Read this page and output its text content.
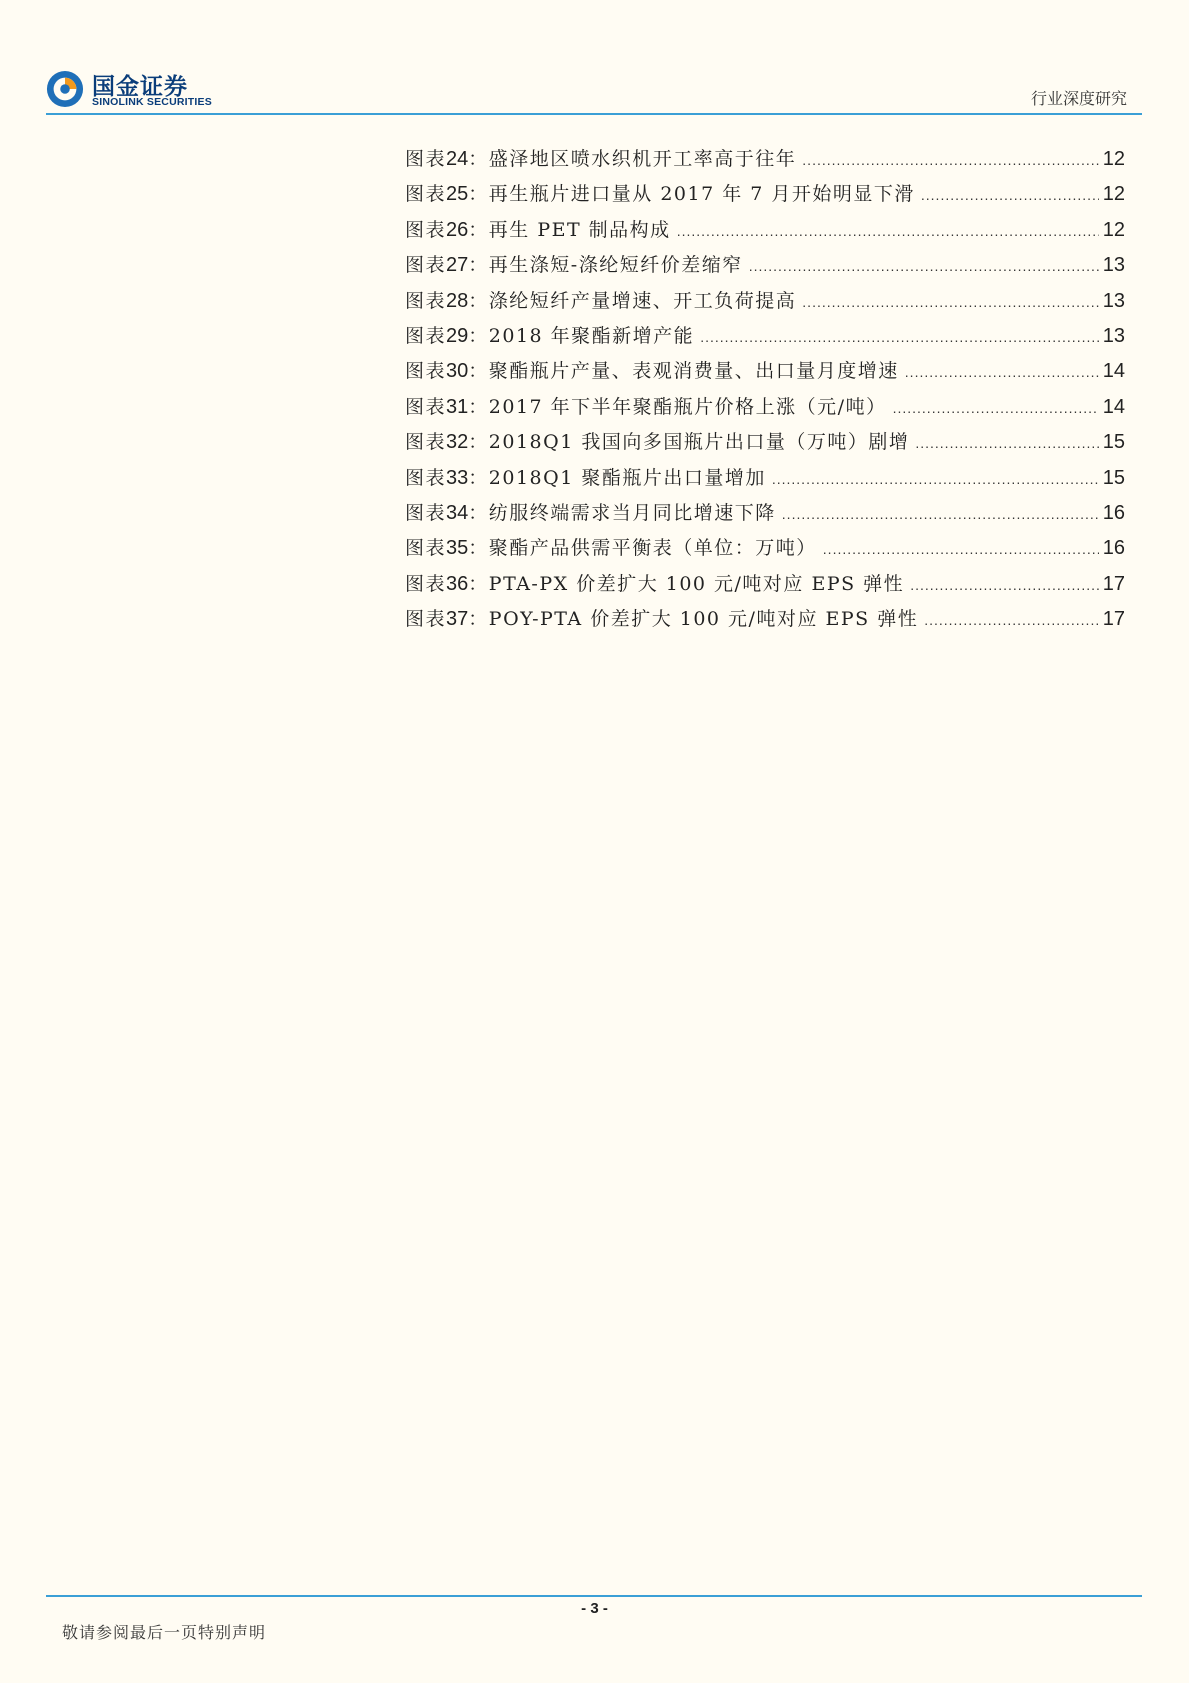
国金证券
SINOLINK SECURITIES	行业深度研究
图表 24 ： 盛泽地区喷水织机开工率高于往年 .....	12
图表 25 ： 再生瓶片进口量从 2017 年 7 月开始明显下滑 .....	12
图表 26 ： 再生 PET 制品构成 .....	12
图表 27 ： 再生涤短-涤纶短纤价差缩窄 .....	13
图表 28 ： 涤纶短纤产量增速、开工负荷提高 .....	13
图表 29 ： 2018 年聚酯新增产能 .....	13
图表 30 ： 聚酯瓶片产量、表观消费量、出口量月度增速 .....	14
图表 31 ： 2017 年下半年聚酯瓶片价格上涨（元/吨） .....	14
图表 32 ： 2018Q1 我国向多国瓶片出口量（万吨）剧增 .....	15
图表 33 ： 2018Q1 聚酯瓶片出口量增加 .....	15
图表 34 ： 纺服终端需求当月同比增速下降 .....	16
图表 35 ： 聚酯产品供需平衡表（单位：万吨） .....	16
图表 36 ： PTA-PX 价差扩大 100 元/吨对应 EPS 弹性 .....	17
图表 37 ： POY-PTA 价差扩大 100 元/吨对应 EPS 弹性 .....	17
- 3 -
敬请参阅最后一页特别声明
